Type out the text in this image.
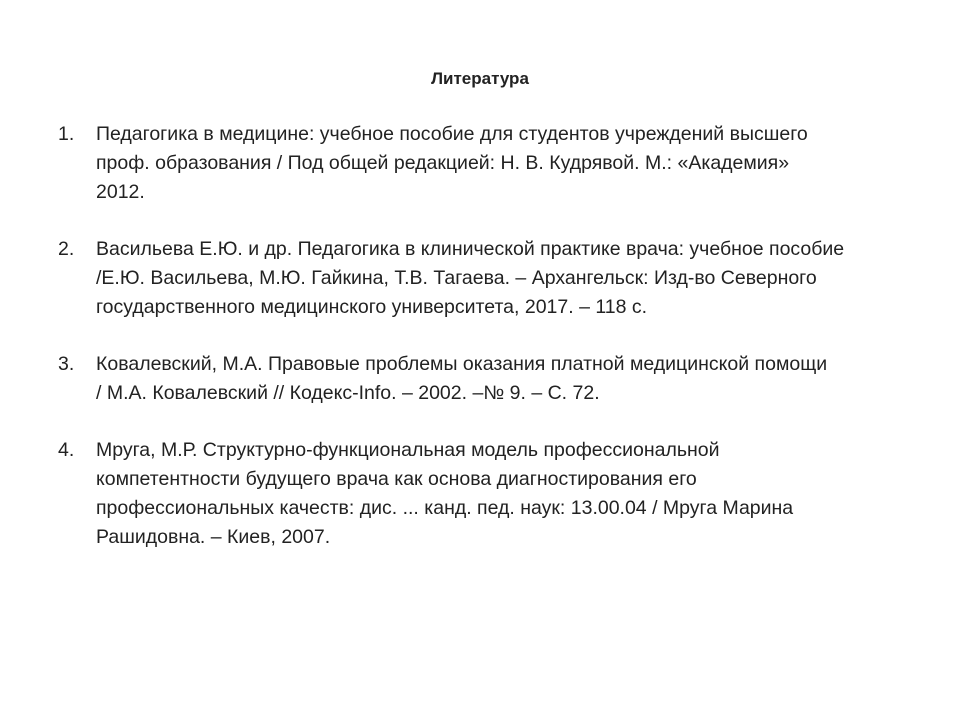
Литература
1. Педагогика в медицине: учебное пособие для студентов учреждений высшего
проф. образования / Под общей редакцией: Н. В. Кудрявой. М.: «Академия»
2012.
2. Васильева Е.Ю. и др. Педагогика в клинической практике врача: учебное пособие
/Е.Ю. Васильева, М.Ю. Гайкина, Т.В. Тагаева. – Архангельск: Изд-во Северного
государственного медицинского университета, 2017. – 118 с.
3. Ковалевский, М.А. Правовые проблемы оказания платной медицинской помощи
/ М.А. Ковалевский // Кодекс-Info. – 2002. –№ 9. – С. 72.
4. Мруга, М.Р. Структурно-функциональная модель профессиональной
компетентности будущего врача как основа диагностирования его
профессиональных качеств: дис. ... канд. пед. наук: 13.00.04 / Мруга Марина
Рашидовна. – Киев, 2007.
